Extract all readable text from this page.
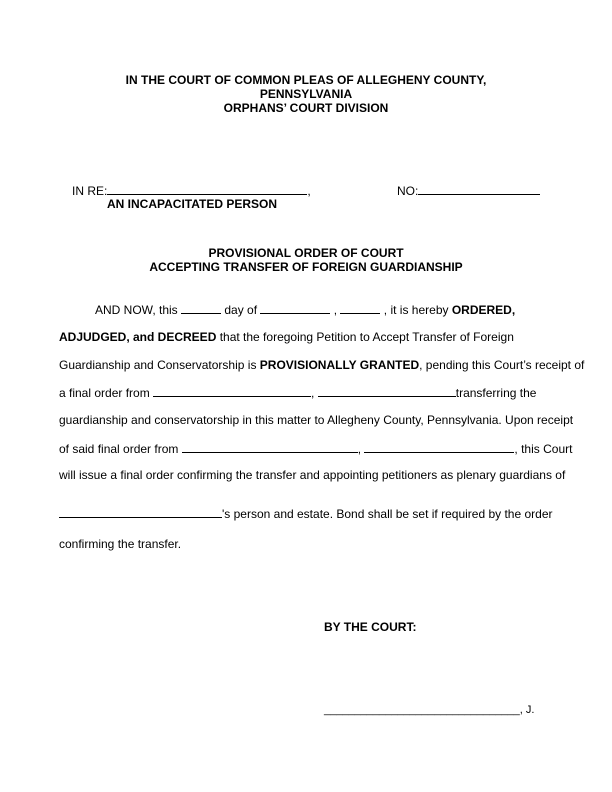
IN THE COURT OF COMMON PLEAS OF ALLEGHENY COUNTY,
PENNSYLVANIA
ORPHANS’ COURT DIVISION
IN RE:	,	NO:
AN INCAPACITATED PERSON
PROVISIONAL ORDER OF COURT
ACCEPTING TRANSFER OF FOREIGN GUARDIANSHIP
AND NOW, this	day of	,	, it is hereby ORDERED,
ADJUDGED, and DECREED that the foregoing Petition to Accept Transfer of Foreign
Guardianship and Conservatorship is PROVISIONALLY GRANTED, pending this Court’s receipt of
a final order from	,	transferring the
guardianship and conservatorship in this matter to Allegheny County, Pennsylvania. Upon receipt
of said final order from	,	, this Court
will issue a final order confirming the transfer and appointing petitioners as plenary guardians of
's person and estate. Bond shall be set if required by the order
confirming the transfer.
BY THE COURT:
________________________________, J.
